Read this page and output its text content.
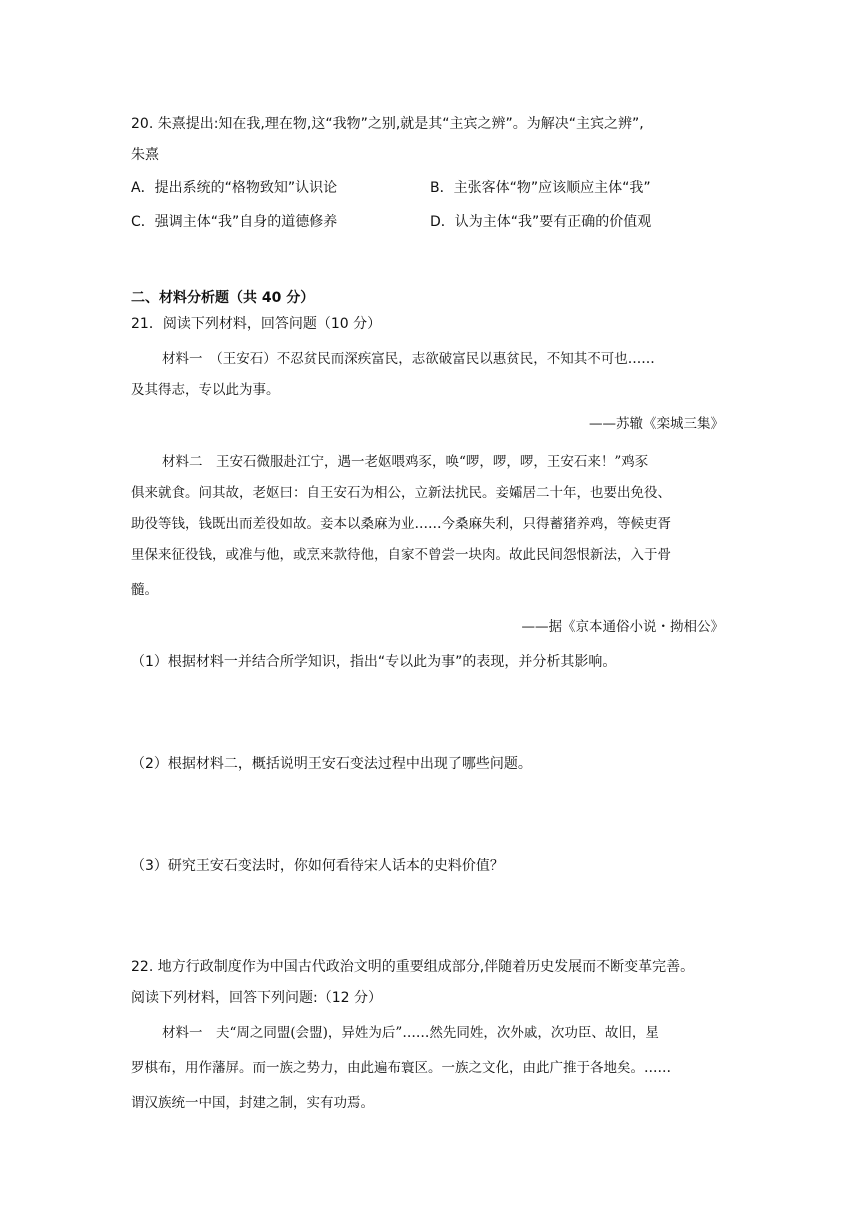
20. 朱熹提出:知在我,理在物,这“我物”之别,就是其“主宾之辨”。为解决“主宾之辨”,
朱熹
A．提出系统的“格物致知”认识论	B．主张客体“物”应该顺应主体“我”
C．强调主体“我”自身的道德修养	D．认为主体“我”要有正确的价值观
二、材料分析题（共 40 分）
21．阅读下列材料，回答问题（10 分）
材料一　（王安石）不忍贫民而深疾富民，志欲破富民以惠贫民，不知其不可也……
及其得志，专以此为事。
——苏辙《栾城三集》
材料二　王安石微服赴江宁，遇一老妪喂鸡豕，唤“啰，啰，啰，王安石来！”鸡豕
俱来就食。问其故，老妪曰：自王安石为相公，立新法扰民。妾孀居二十年，也要出免役、
助役等钱，钱既出而差役如故。妾本以桑麻为业……今桑麻失利，只得蓄猪养鸡，等候吏胥
里保来征役钱，或准与他，或烹来款待他，自家不曾尝一块肉。故此民间怨恨新法，入于骨
髓。
——据《京本通俗小说・拗相公》
（1）根据材料一并结合所学知识，指出“专以此为事”的表现，并分析其影响。
（2）根据材料二，概括说明王安石变法过程中出现了哪些问题。
（3）研究王安石变法时，你如何看待宋人话本的史料价值？
22. 地方行政制度作为中国古代政治文明的重要组成部分,伴随着历史发展而不断变革完善。
阅读下列材料，回答下列问题:（12 分）
材料一　夫“周之同盟(会盟)，异姓为后”……然先同姓，次外戚，次功臣、故旧，星
罗棋布，用作藩屏。而一族之势力，由此遍布寰区。一族之文化，由此广推于各地矣。……
谓汉族统一中国，封建之制，实有功焉。
